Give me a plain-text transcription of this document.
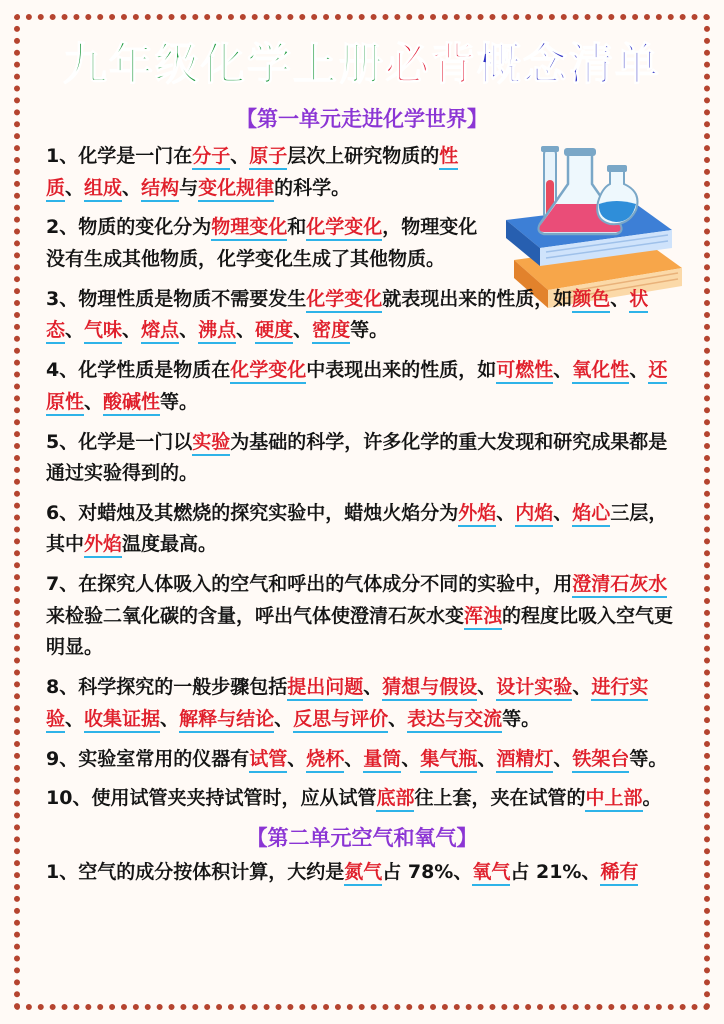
九年级化学上册必背概念清单
【第一单元走进化学世界】
1、化学是一门在分子、原子层次上研究物质的性质、组成、结构与变化规律的科学。
2、物质的变化分为物理变化和化学变化，物理变化没有生成其他物质，化学变化生成了其他物质。
3、物理性质是物质不需要发生化学变化就表现出来的性质，如颜色、状态、气味、熔点、沸点、硬度、密度等。
4、化学性质是物质在化学变化中表现出来的性质，如可燃性、氧化性、还原性、酸碱性等。
5、化学是一门以实验为基础的科学，许多化学的重大发现和研究成果都是通过实验得到的。
6、对蜡烛及其燃烧的探究实验中，蜡烛火焰分为外焰、内焰、焰心三层，其中外焰温度最高。
7、在探究人体吸入的空气和呼出的气体成分不同的实验中，用澄清石灰水来检验二氧化碳的含量，呼出气体使澄清石灰水变浑浊的程度比吸入空气更明显。
8、科学探究的一般步骤包括提出问题、猜想与假设、设计实验、进行实验、收集证据、解释与结论、反思与评价、表达与交流等。
9、实验室常用的仪器有试管、烧杯、量筒、集气瓶、酒精灯、铁架台等。
10、使用试管夹夹持试管时，应从试管底部往上套，夹在试管的中上部。
【第二单元空气和氧气】
1、空气的成分按体积计算，大约是氮气占 78%、氧气占 21%、稀有
